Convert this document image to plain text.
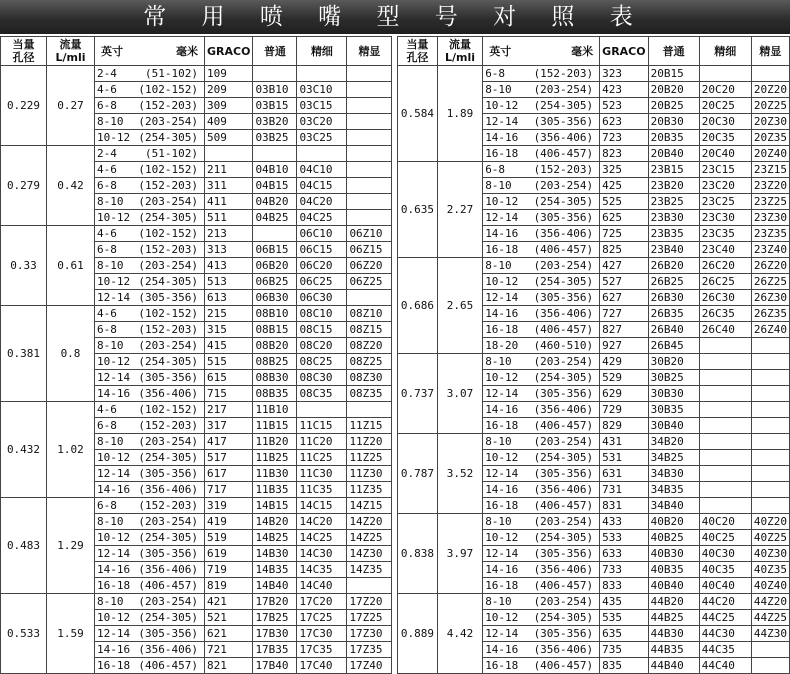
常 用 喷 嘴 型 号 对 照 表
当量
孔径	流量
L/mli	英寸 毫米	GRACO	普通	精细	精显
0.229	0.27	2-4 (51-102)	109			

		4-6 (102-152)	209	03B10	03C10	

		6-8 (152-203)	309	03B15	03C15	

		8-10 (203-254)	409	03B20	03C20	

		10-12 (254-305)	509	03B25	03C25	
0.279	0.42	2-4 (51-102)				

		4-6 (102-152)	211	04B10	04C10	

		6-8 (152-203)	311	04B15	04C15	

		8-10 (203-254)	411	04B20	04C20	

		10-12 (254-305)	511	04B25	04C25	
0.33	0.61	4-6 (102-152)	213		06C10	06Z10

		6-8 (152-203)	313	06B15	06C15	06Z15

		8-10 (203-254)	413	06B20	06C20	06Z20

		10-12 (254-305)	513	06B25	06C25	06Z25

		12-14 (305-356)	613	06B30	06C30	
0.381	0.8	4-6 (102-152)	215	08B10	08C10	08Z10

		6-8 (152-203)	315	08B15	08C15	08Z15

		8-10 (203-254)	415	08B20	08C20	08Z20

		10-12 (254-305)	515	08B25	08C25	08Z25

		12-14 (305-356)	615	08B30	08C30	08Z30

		14-16 (356-406)	715	08B35	08C35	08Z35
0.432	1.02	4-6 (102-152)	217	11B10		

		6-8 (152-203)	317	11B15	11C15	11Z15

		8-10 (203-254)	417	11B20	11C20	11Z20

		10-12 (254-305)	517	11B25	11C25	11Z25

		12-14 (305-356)	617	11B30	11C30	11Z30

		14-16 (356-406)	717	11B35	11C35	11Z35
0.483	1.29	6-8 (152-203)	319	14B15	14C15	14Z15

		8-10 (203-254)	419	14B20	14C20	14Z20

		10-12 (254-305)	519	14B25	14C25	14Z25

		12-14 (305-356)	619	14B30	14C30	14Z30

		14-16 (356-406)	719	14B35	14C35	14Z35

		16-18 (406-457)	819	14B40	14C40	
0.533	1.59	8-10 (203-254)	421	17B20	17C20	17Z20

		10-12 (254-305)	521	17B25	17C25	17Z25

		12-14 (305-356)	621	17B30	17C30	17Z30

		14-16 (356-406)	721	17B35	17C35	17Z35

		16-18 (406-457)	821	17B40	17C40	17Z40
当量
孔径	流量
L/mli	英寸 毫米	GRACO	普通	精细	精显
0.584	1.89	6-8 (152-203)	323	20B15		

		8-10 (203-254)	423	20B20	20C20	20Z20

		10-12 (254-305)	523	20B25	20C25	20Z25

		12-14 (305-356)	623	20B30	20C30	20Z30

		14-16 (356-406)	723	20B35	20C35	20Z35

		16-18 (406-457)	823	20B40	20C40	20Z40
0.635	2.27	6-8 (152-203)	325	23B15	23C15	23Z15

		8-10 (203-254)	425	23B20	23C20	23Z20

		10-12 (254-305)	525	23B25	23C25	23Z25

		12-14 (305-356)	625	23B30	23C30	23Z30

		14-16 (356-406)	725	23B35	23C35	23Z35

		16-18 (406-457)	825	23B40	23C40	23Z40
0.686	2.65	8-10 (203-254)	427	26B20	26C20	26Z20

		10-12 (254-305)	527	26B25	26C25	26Z25

		12-14 (305-356)	627	26B30	26C30	26Z30

		14-16 (356-406)	727	26B35	26C35	26Z35

		16-18 (406-457)	827	26B40	26C40	26Z40

		18-20 (460-510)	927	26B45		
0.737	3.07	8-10 (203-254)	429	30B20		

		10-12 (254-305)	529	30B25		

		12-14 (305-356)	629	30B30		

		14-16 (356-406)	729	30B35		

		16-18 (406-457)	829	30B40		
0.787	3.52	8-10 (203-254)	431	34B20		

		10-12 (254-305)	531	34B25		

		12-14 (305-356)	631	34B30		

		14-16 (356-406)	731	34B35		

		16-18 (406-457)	831	34B40		
0.838	3.97	8-10 (203-254)	433	40B20	40C20	40Z20

		10-12 (254-305)	533	40B25	40C25	40Z25

		12-14 (305-356)	633	40B30	40C30	40Z30

		14-16 (356-406)	733	40B35	40C35	40Z35

		16-18 (406-457)	833	40B40	40C40	40Z40
0.889	4.42	8-10 (203-254)	435	44B20	44C20	44Z20

		10-12 (254-305)	535	44B25	44C25	44Z25

		12-14 (305-356)	635	44B30	44C30	44Z30

		14-16 (356-406)	735	44B35	44C35	

		16-18 (406-457)	835	44B40	44C40	
